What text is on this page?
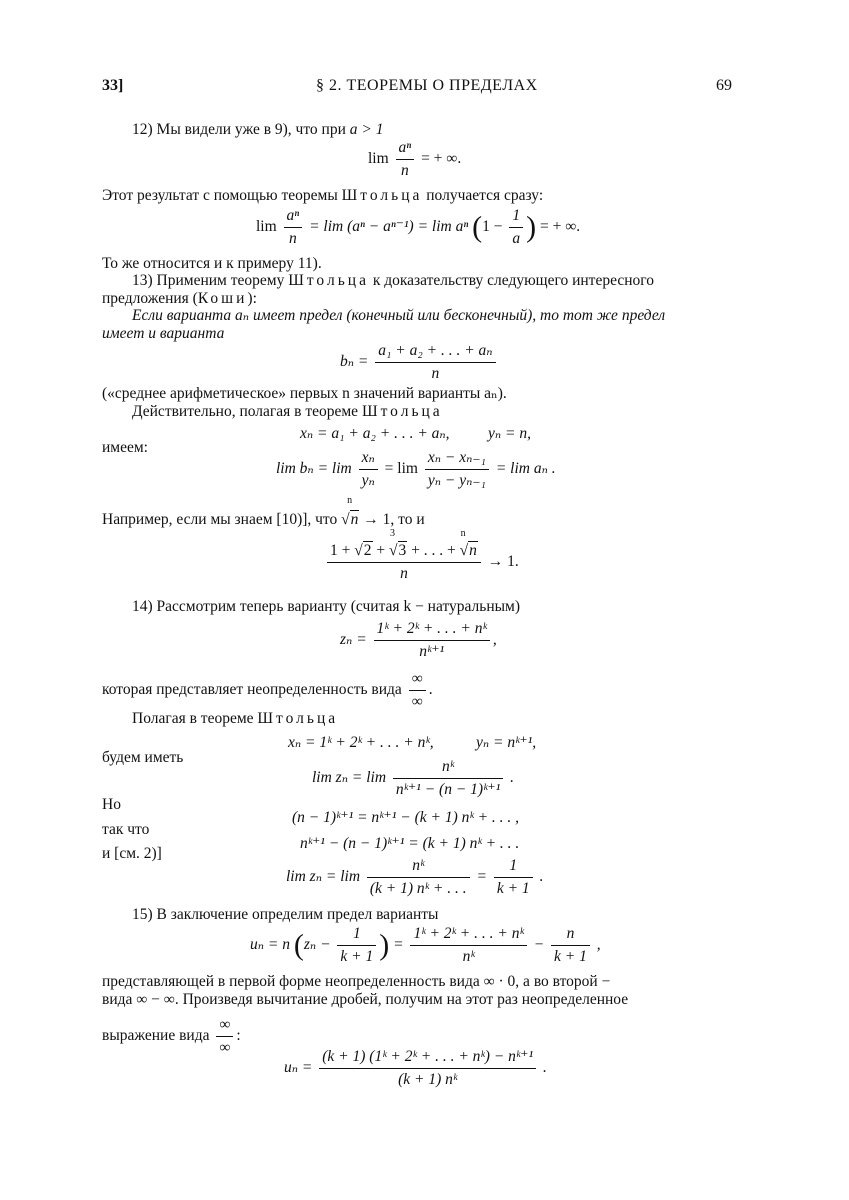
33]	§ 2. ТЕОРЕМЫ О ПРЕДЕЛАХ	69
12) Мы видели уже в 9), что при a > 1
$\lim \frac{\text{aⁿ}}{n}$ = + ∞.
Этот результат с помощью теоремы Штольца получается сразу:
$\lim \frac{\text{aⁿ}}{n} = \lim (a^n - a^{n-1}) = \lim a^n$ ($1 - \frac{1}{a}$ ) = + ∞.
То же относится и к примеру 11).
13) Применим теорему Штольца к доказательству следующего интересного
предложения (Коши):
Если варианта aₙ имеет предел (конечный или бесконечный), то тот же предел
имеет и варианта
$b_n = \frac{\text{a₁ + a₂ + . . . + aₙ}}{n}$
(«среднее арифметическое» первых n значений варианты aₙ).
Действительно, полагая в теореме Штольца
xₙ = a₁ + a₂ + . . . + aₙ, yₙ = n,
имеем:
$\lim b_n = \lim \frac{\text{xₙ}}{\text{yₙ}} = \lim \frac{\text{xₙ − xₙ₋₁}}{\text{yₙ − yₙ₋₁}} = \lim a_n$ .
Например, если мы знаем [10)], что
n
√n → 1, то и
1 + √2 +
3
√3 + . . . +
n
√n
n → 1.
14) Рассмотрим теперь варианту (считая k − натуральным)
$z_n = \frac{\text{1ᵏ + 2ᵏ + . . . + nᵏ}}{\text{nᵏ⁺¹}}$ ,
которая представляет неопределенность вида $\frac{\infty}{\infty}$ .
Полагая в теореме Штольца
xₙ = 1ᵏ + 2ᵏ + . . . + nᵏ,	yₙ = nᵏ⁺¹,
будем иметь
$\lim z_n = \lim \frac{\text{nᵏ}}{\text{nᵏ⁺¹ − (n − 1)ᵏ⁺¹}}$ .
Но
(n − 1)ᵏ⁺¹ = nᵏ⁺¹ − (k + 1) nᵏ + . . . ,
так что
nᵏ⁺¹ − (n − 1)ᵏ⁺¹ = (k + 1) nᵏ + . . .
и [см. 2)]
$\lim z_n = \lim \frac{\text{nᵏ}}{\text{(k + 1) nᵏ + . . .}} = \frac{1}{k + 1}$ .
15) В заключение определим предел варианты
uₙ = n ($z_n - \frac{1}{k + 1}$ ) = $\frac{\text{1ᵏ + 2ᵏ + . . . + nᵏ}}{\text{nᵏ}} - \frac{n}{k + 1}$ ,
представляющей в первой форме неопределенность вида ∞ · 0, а во второй −
вида ∞ − ∞. Произведя вычитание дробей, получим на этот раз неопределенное
выражение вида $\frac{\infty}{\infty}$ :
$u_n = \frac{\text{(k + 1) (1ᵏ + 2ᵏ + . . . + nᵏ) − nᵏ⁺¹}}{\text{(k + 1) nᵏ}}$ .
